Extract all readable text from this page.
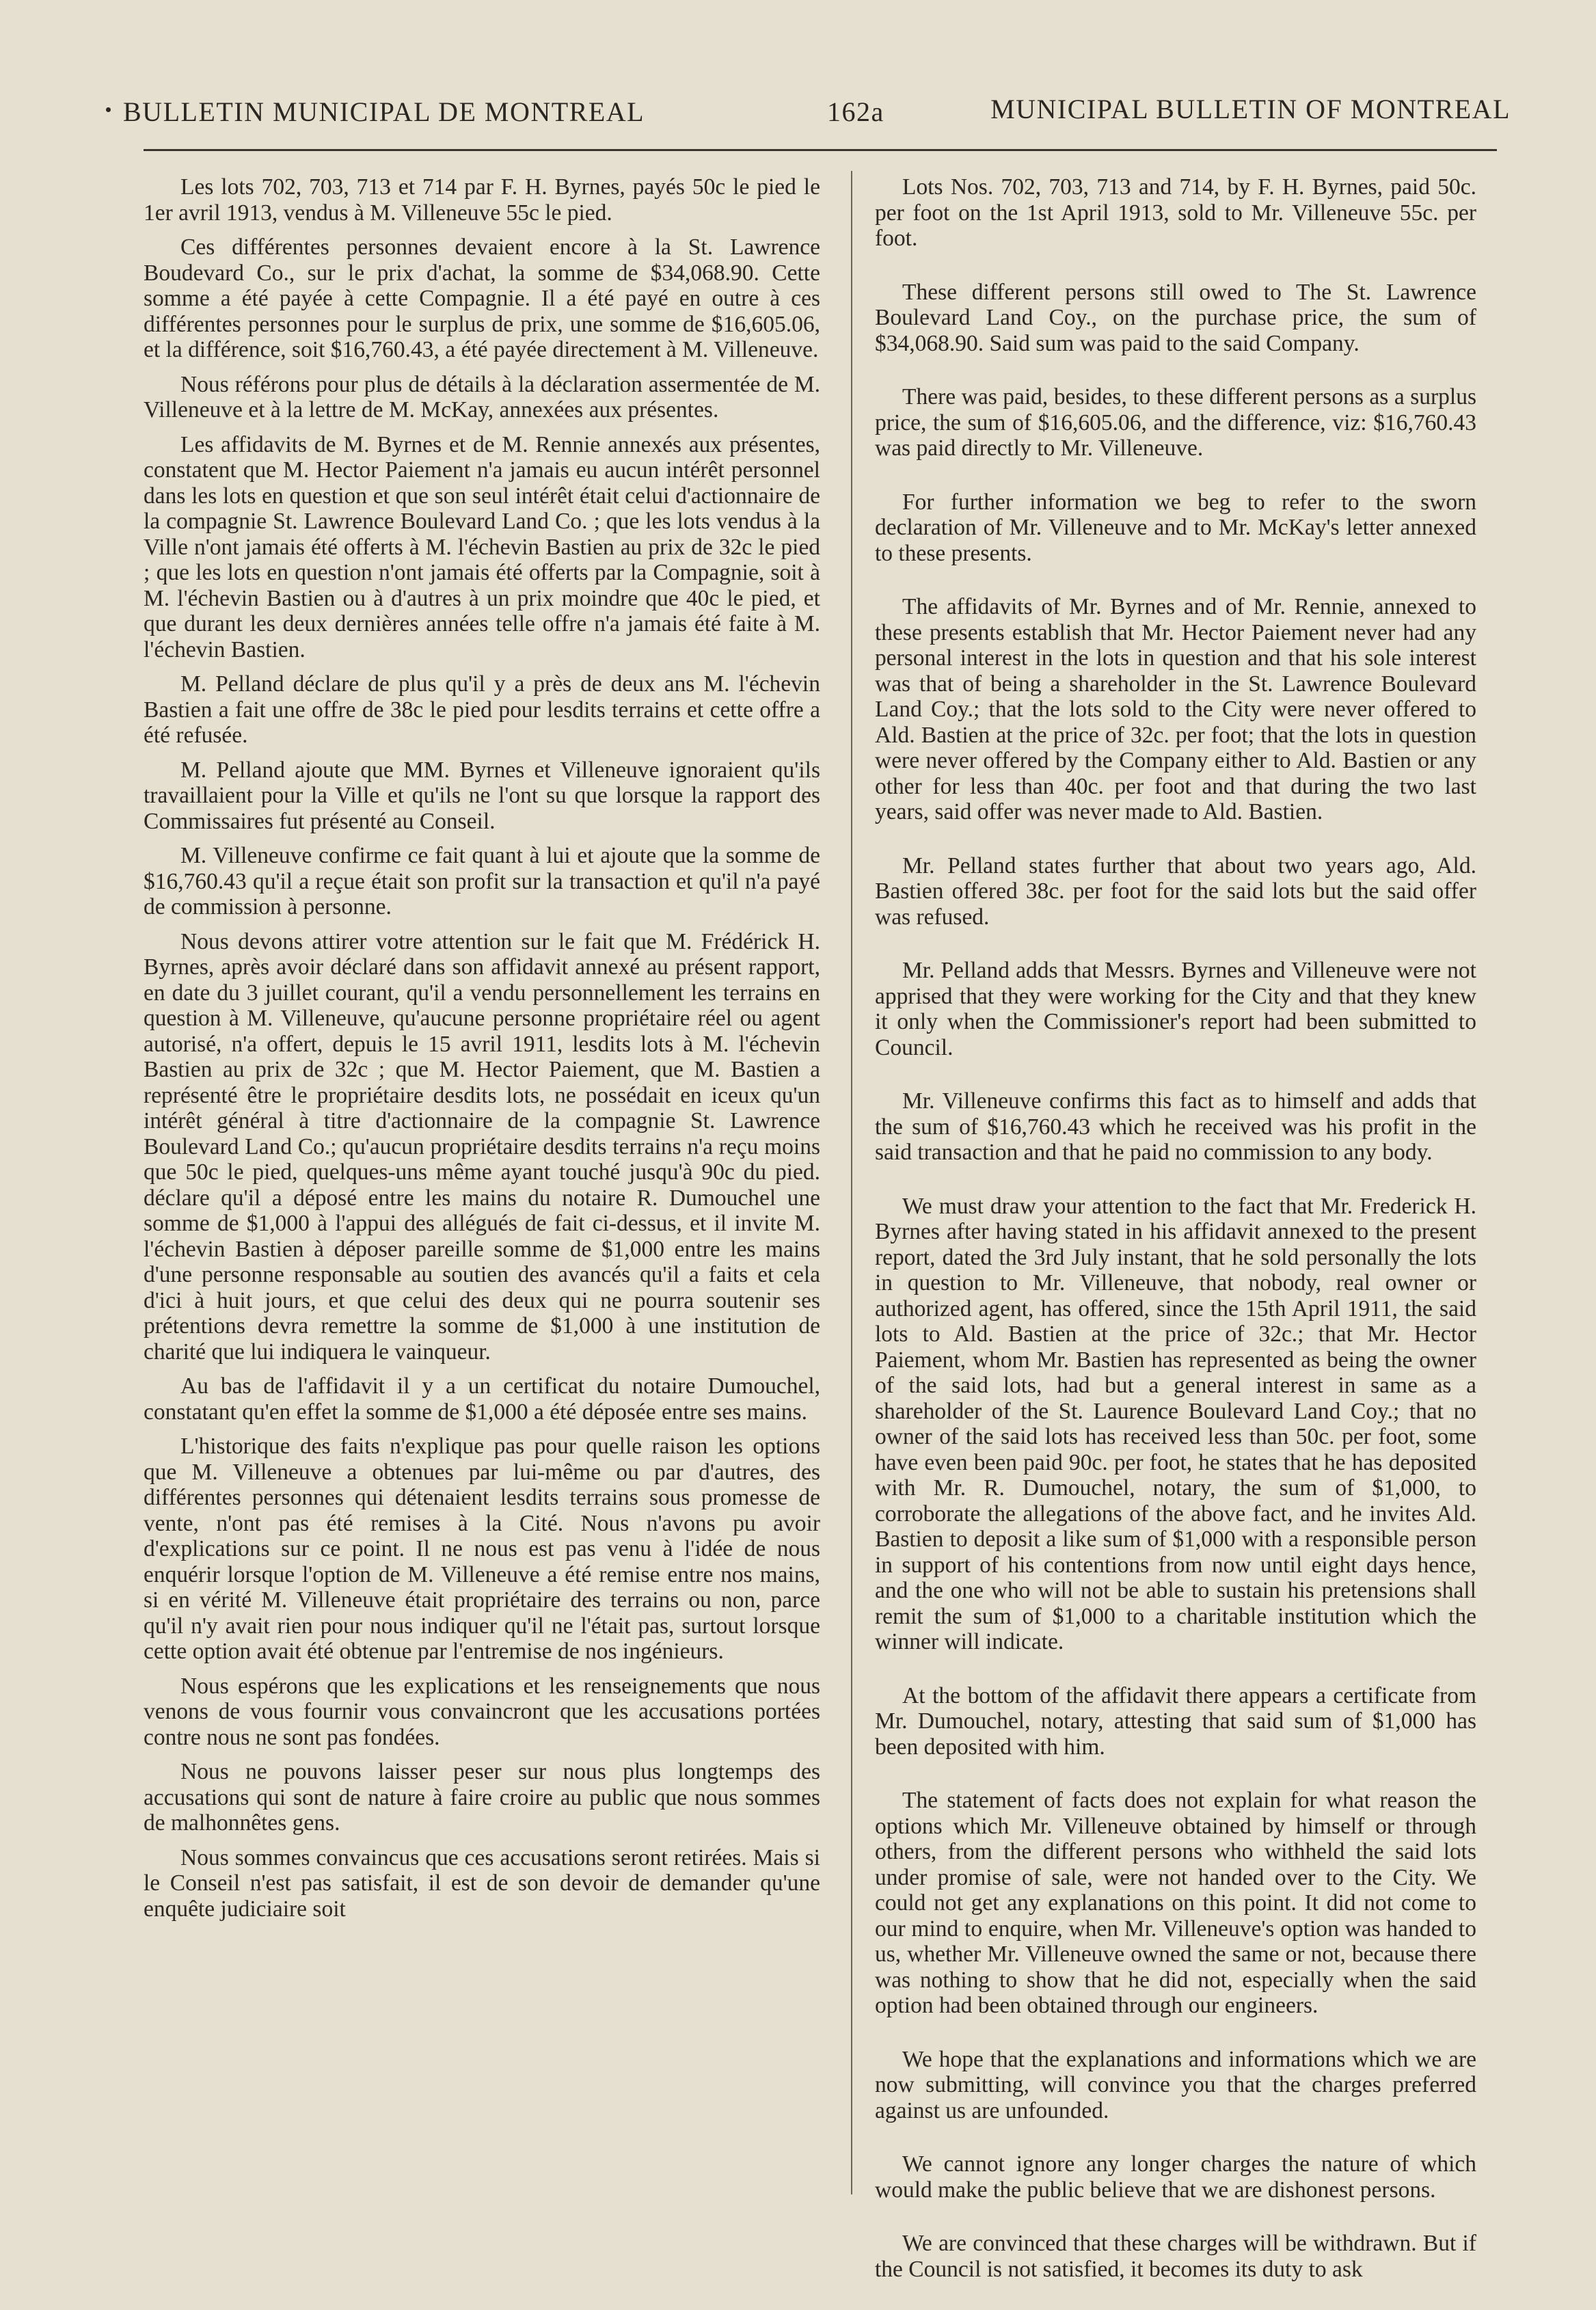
BULLETIN MUNICIPAL DE MONTREAL	162a	MUNICIPAL BULLETIN OF MONTREAL

Les lots 702, 703, 713 et 714 par F. H. Byrnes, payés 50c le pied le 1er avril 1913, vendus à M. Villeneuve 55c le pied.

Ces différentes personnes devaient encore à la St. Lawrence Boudevard Co., sur le prix d'achat, la somme de $34,068.90. Cette somme a été payée à cette Compagnie. Il a été payé en outre à ces différentes personnes pour le surplus de prix, une somme de $16,605.06, et la différence, soit $16,760.43, a été payée directement à M. Villeneuve.

Nous référons pour plus de détails à la déclaration assermentée de M. Villeneuve et à la lettre de M. McKay, annexées aux présentes.

Les affidavits de M. Byrnes et de M. Rennie annexés aux présentes, constatent que M. Hector Paiement n'a jamais eu aucun intérêt personnel dans les lots en question et que son seul intérêt était celui d'actionnaire de la compagnie St. Lawrence Boulevard Land Co. ; que les lots vendus à la Ville n'ont jamais été offerts à M. l'échevin Bastien au prix de 32c le pied ; que les lots en question n'ont jamais été offerts par la Compagnie, soit à M. l'échevin Bastien ou à d'autres à un prix moindre que 40c le pied, et que durant les deux dernières années telle offre n'a jamais été faite à M. l'échevin Bastien.

M. Pelland déclare de plus qu'il y a près de deux ans M. l'échevin Bastien a fait une offre de 38c le pied pour lesdits terrains et cette offre a été refusée.

M. Pelland ajoute que MM. Byrnes et Villeneuve ignoraient qu'ils travaillaient pour la Ville et qu'ils ne l'ont su que lorsque la rapport des Commissaires fut présenté au Conseil.

M. Villeneuve confirme ce fait quant à lui et ajoute que la somme de $16,760.43 qu'il a reçue était son profit sur la transaction et qu'il n'a payé de commission à personne.

Nous devons attirer votre attention sur le fait que M. Frédérick H. Byrnes, après avoir déclaré dans son affidavit annexé au présent rapport, en date du 3 juillet courant, qu'il a vendu personnellement les terrains en question à M. Villeneuve, qu'aucune personne propriétaire réel ou agent autorisé, n'a offert, depuis le 15 avril 1911, lesdits lots à M. l'échevin Bastien au prix de 32c ; que M. Hector Paiement, que M. Bastien a représenté être le propriétaire desdits lots, ne possédait en iceux qu'un intérêt général à titre d'actionnaire de la compagnie St. Lawrence Boulevard Land Co.; qu'aucun propriétaire desdits terrains n'a reçu moins que 50c le pied, quelques-uns même ayant touché jusqu'à 90c du pied. déclare qu'il a déposé entre les mains du notaire R. Dumouchel une somme de $1,000 à l'appui des allégués de fait ci-dessus, et il invite M. l'échevin Bastien à déposer pareille somme de $1,000 entre les mains d'une personne responsable au soutien des avancés qu'il a faits et cela d'ici à huit jours, et que celui des deux qui ne pourra soutenir ses prétentions devra remettre la somme de $1,000 à une institution de charité que lui indiquera le vainqueur.

Au bas de l'affidavit il y a un certificat du notaire Dumouchel, constatant qu'en effet la somme de $1,000 a été déposée entre ses mains.

L'historique des faits n'explique pas pour quelle raison les options que M. Villeneuve a obtenues par lui-même ou par d'autres, des différentes personnes qui détenaient lesdits terrains sous promesse de vente, n'ont pas été remises à la Cité. Nous n'avons pu avoir d'explications sur ce point. Il ne nous est pas venu à l'idée de nous enquérir lorsque l'option de M. Villeneuve a été remise entre nos mains, si en vérité M. Villeneuve était propriétaire des terrains ou non, parce qu'il n'y avait rien pour nous indiquer qu'il ne l'était pas, surtout lorsque cette option avait été obtenue par l'entremise de nos ingénieurs.

Nous espérons que les explications et les renseignements que nous venons de vous fournir vous convaincront que les accusations portées contre nous ne sont pas fondées.

Nous ne pouvons laisser peser sur nous plus longtemps des accusations qui sont de nature à faire croire au public que nous sommes de malhonnêtes gens.

Nous sommes convaincus que ces accusations seront retirées. Mais si le Conseil n'est pas satisfait, il est de son devoir de demander qu'une enquête judiciaire soit

Lots Nos. 702, 703, 713 and 714, by F. H. Byrnes, paid 50c. per foot on the 1st April 1913, sold to Mr. Villeneuve 55c. per foot.

These different persons still owed to The St. Lawrence Boulevard Land Coy., on the purchase price, the sum of $34,068.90. Said sum was paid to the said Company.

There was paid, besides, to these different persons as a surplus price, the sum of $16,605.06, and the difference, viz: $16,760.43 was paid directly to Mr. Villeneuve.

For further information we beg to refer to the sworn declaration of Mr. Villeneuve and to Mr. McKay's letter annexed to these presents.

The affidavits of Mr. Byrnes and of Mr. Rennie, annexed to these presents establish that Mr. Hector Paiement never had any personal interest in the lots in question and that his sole interest was that of being a shareholder in the St. Lawrence Boulevard Land Coy.; that the lots sold to the City were never offered to Ald. Bastien at the price of 32c. per foot; that the lots in question were never offered by the Company either to Ald. Bastien or any other for less than 40c. per foot and that during the two last years, said offer was never made to Ald. Bastien.

Mr. Pelland states further that about two years ago, Ald. Bastien offered 38c. per foot for the said lots but the said offer was refused.

Mr. Pelland adds that Messrs. Byrnes and Villeneuve were not apprised that they were working for the City and that they knew it only when the Commissioner's report had been submitted to Council.

Mr. Villeneuve confirms this fact as to himself and adds that the sum of $16,760.43 which he received was his profit in the said transaction and that he paid no commission to any body.

We must draw your attention to the fact that Mr. Frederick H. Byrnes after having stated in his affidavit annexed to the present report, dated the 3rd July instant, that he sold personally the lots in question to Mr. Villeneuve, that nobody, real owner or authorized agent, has offered, since the 15th April 1911, the said lots to Ald. Bastien at the price of 32c.; that Mr. Hector Paiement, whom Mr. Bastien has represented as being the owner of the said lots, had but a general interest in same as a shareholder of the St. Laurence Boulevard Land Coy.; that no owner of the said lots has received less than 50c. per foot, some have even been paid 90c. per foot, he states that he has deposited with Mr. R. Dumouchel, notary, the sum of $1,000, to corroborate the allegations of the above fact, and he invites Ald. Bastien to deposit a like sum of $1,000 with a responsible person in support of his contentions from now until eight days hence, and the one who will not be able to sustain his pretensions shall remit the sum of $1,000 to a charitable institution which the winner will indicate.

At the bottom of the affidavit there appears a certificate from Mr. Dumouchel, notary, attesting that said sum of $1,000 has been deposited with him.

The statement of facts does not explain for what reason the options which Mr. Villeneuve obtained by himself or through others, from the different persons who withheld the said lots under promise of sale, were not handed over to the City. We could not get any explanations on this point. It did not come to our mind to enquire, when Mr. Villeneuve's option was handed to us, whether Mr. Villeneuve owned the same or not, because there was nothing to show that he did not, especially when the said option had been obtained through our engineers.

We hope that the explanations and informations which we are now submitting, will convince you that the charges preferred against us are unfounded.

We cannot ignore any longer charges the nature of which would make the public believe that we are dishonest persons.

We are convinced that these charges will be withdrawn. But if the Council is not satisfied, it becomes its duty to ask
